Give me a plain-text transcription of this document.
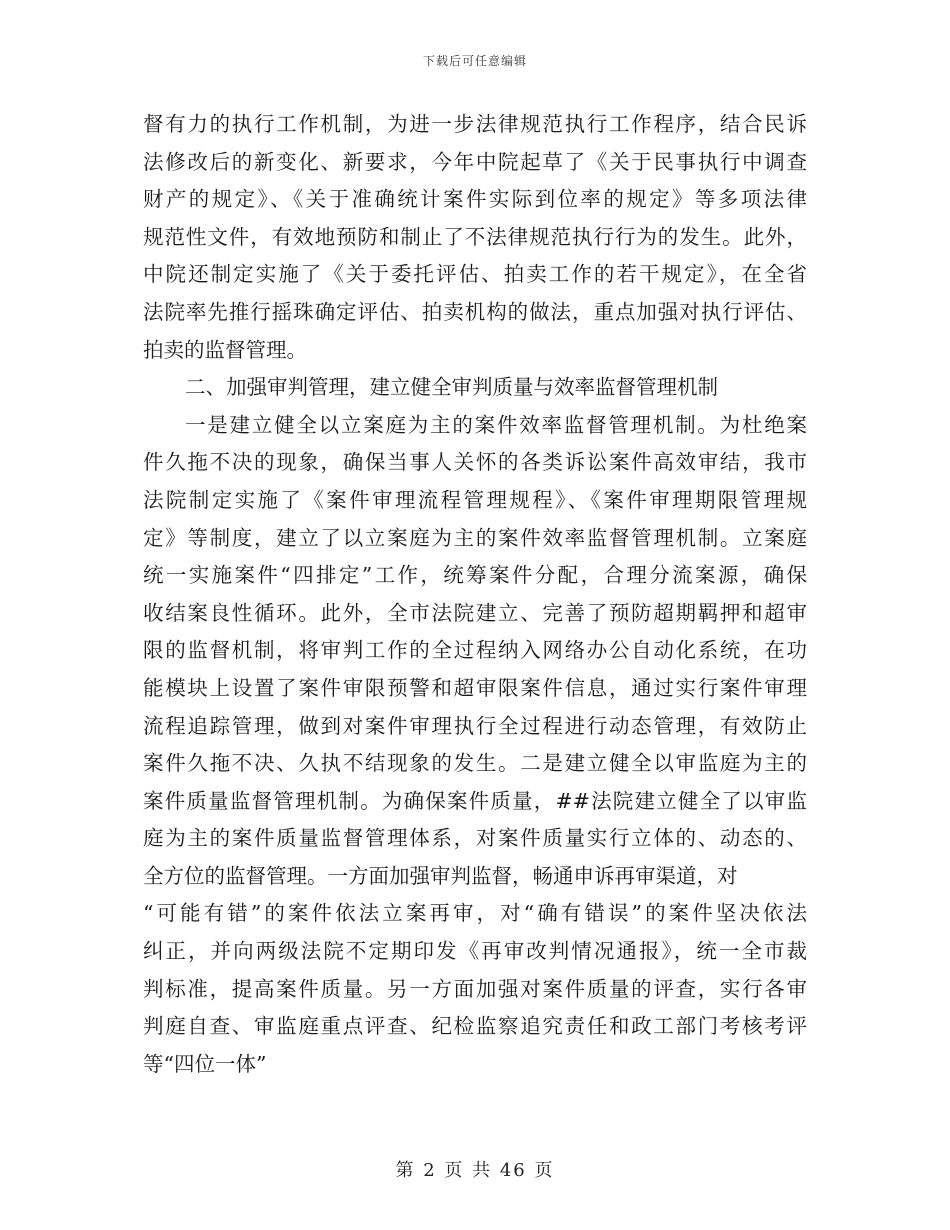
下载后可任意编辑
督有力的执行工作机制，为进一步法律规范执行工作程序，结合民诉
法修改后的新变化、新要求，今年中院起草了《关于民事执行中调查
财产的规定》、《关于准确统计案件实际到位率的规定》等多项法律
规范性文件，有效地预防和制止了不法律规范执行行为的发生。此外，
中院还制定实施了《关于委托评估、拍卖工作的若干规定》，在全省
法院率先推行摇珠确定评估、拍卖机构的做法，重点加强对执行评估、
拍卖的监督管理。
二、加强审判管理，建立健全审判质量与效率监督管理机制
一是建立健全以立案庭为主的案件效率监督管理机制。为杜绝案
件久拖不决的现象，确保当事人关怀的各类诉讼案件高效审结，我市
法院制定实施了《案件审理流程管理规程》、《案件审理期限管理规
定》等制度，建立了以立案庭为主的案件效率监督管理机制。立案庭
统一实施案件“四排定”工作，统筹案件分配，合理分流案源，确保
收结案良性循环。此外，全市法院建立、完善了预防超期羁押和超审
限的监督机制，将审判工作的全过程纳入网络办公自动化系统，在功
能模块上设置了案件审限预警和超审限案件信息，通过实行案件审理
流程追踪管理，做到对案件审理执行全过程进行动态管理，有效防止
案件久拖不决、久执不结现象的发生。二是建立健全以审监庭为主的
案件质量监督管理机制。为确保案件质量，##法院建立健全了以审监
庭为主的案件质量监督管理体系，对案件质量实行立体的、动态的、
全方位的监督管理。一方面加强审判监督，畅通申诉再审渠道，对
“可能有错”的案件依法立案再审，对“确有错误”的案件坚决依法
纠正，并向两级法院不定期印发《再审改判情况通报》，统一全市裁
判标准，提高案件质量。另一方面加强对案件质量的评查，实行各审
判庭自查、审监庭重点评查、纪检监察追究责任和政工部门考核考评
等“四位一体”
第 2 页 共 46 页
